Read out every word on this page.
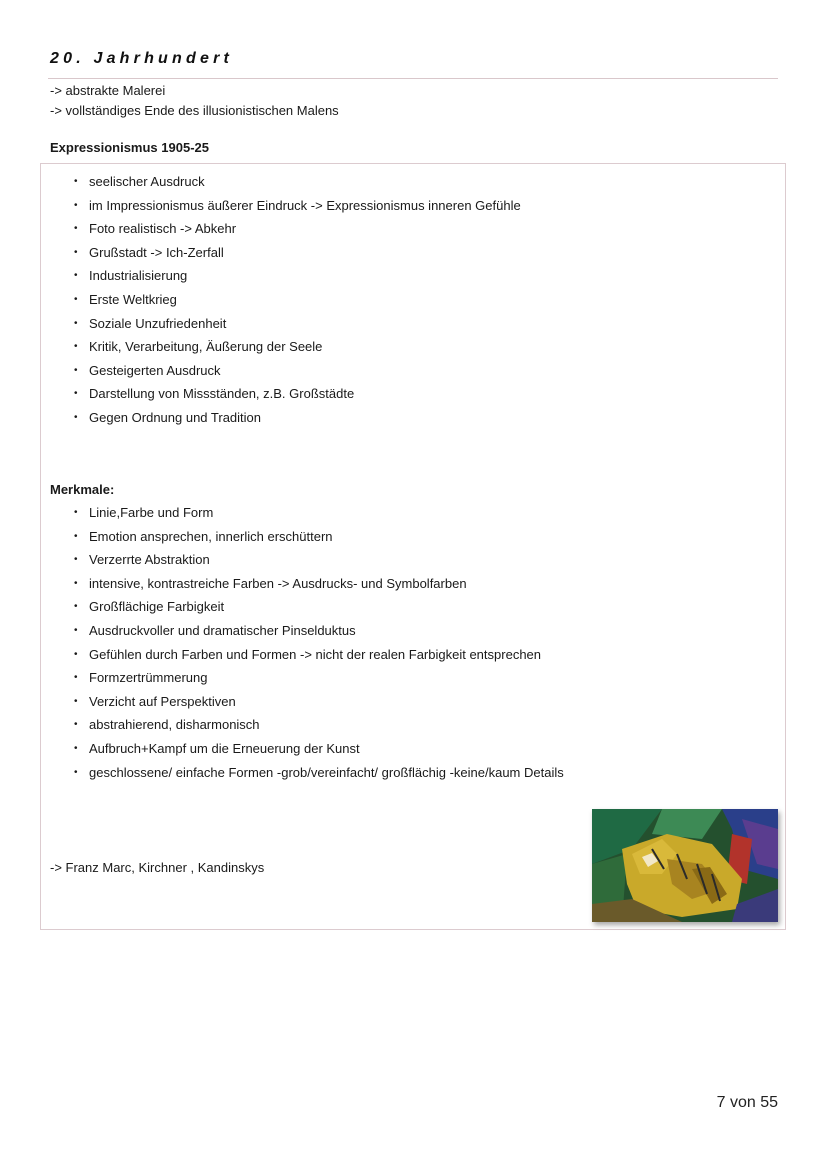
20. Jahrhundert
-> abstrakte Malerei
-> vollständiges Ende des illusionistischen Malens
Expressionismus 1905-25
• seelischer Ausdruck
• im Impressionismus äußerer Eindruck -> Expressionismus inneren Gefühle
• Foto realistisch -> Abkehr
• Grußstadt -> Ich-Zerfall
• Industrialisierung
• Erste Weltkrieg
• Soziale Unzufriedenheit
• Kritik, Verarbeitung, Äußerung der Seele
• Gesteigerten Ausdruck
• Darstellung von Missständen, z.B. Großstädte
• Gegen Ordnung und Tradition
Merkmale:
• Linie,Farbe und Form
• Emotion ansprechen, innerlich erschüttern
• Verzerrte Abstraktion
• intensive, kontrastreiche Farben -> Ausdrucks- und Symbolfarben
• Großflächige Farbigkeit
• Ausdruckvoller und dramatischer Pinselduktus
• Gefühlen durch Farben und Formen -> nicht der realen Farbigkeit entsprechen
• Formzertrümmerung
• Verzicht auf Perspektiven
• abstrahierend, disharmonisch
• Aufbruch+Kampf um die Erneuerung der Kunst
• geschlossene/ einfache Formen -grob/vereinfacht/ großflächig -keine/kaum Details
-> Franz Marc, Kirchner , Kandinskys
7 von 55
